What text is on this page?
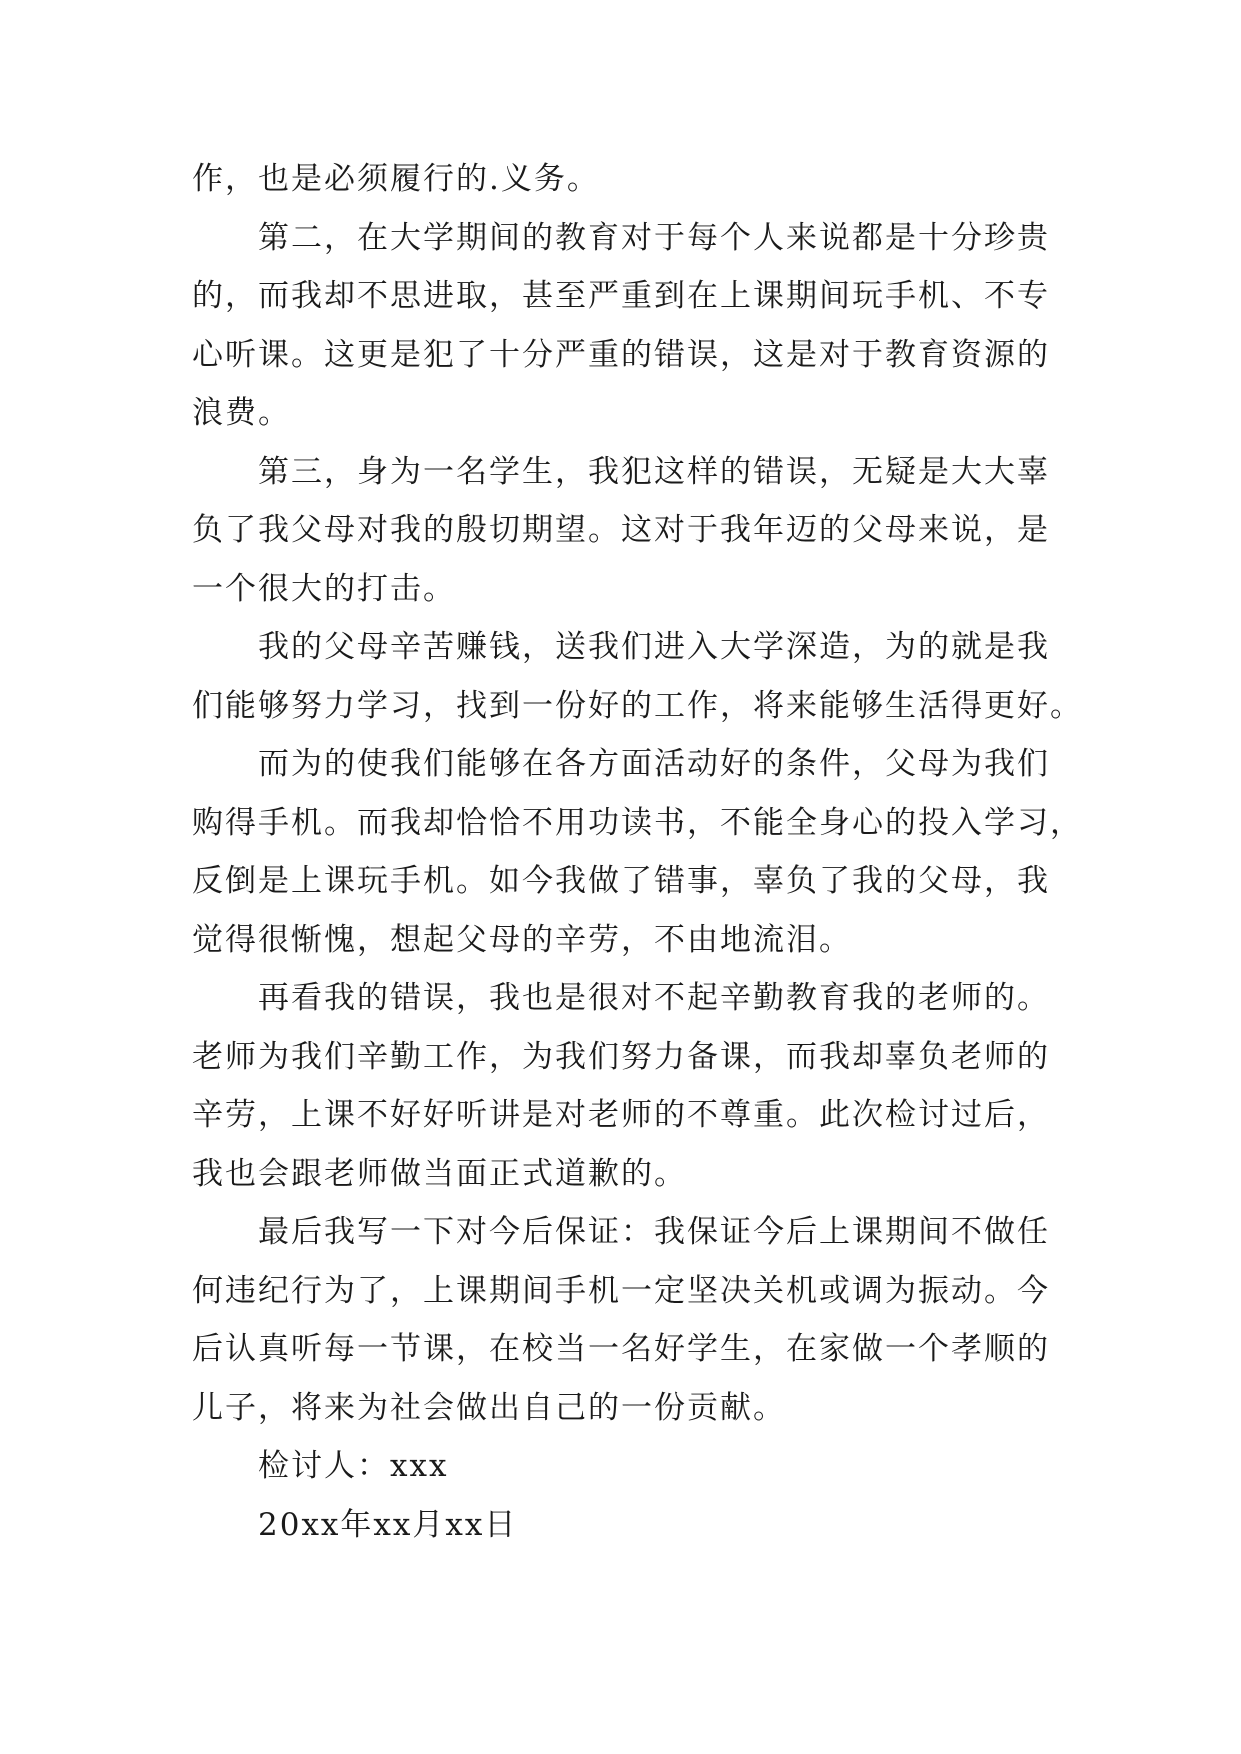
作，也是必须履行的.义务。
第二，在大学期间的教育对于每个人来说都是十分珍贵
的，而我却不思进取，甚至严重到在上课期间玩手机、不专
心听课。这更是犯了十分严重的错误，这是对于教育资源的
浪费。
第三，身为一名学生，我犯这样的错误，无疑是大大辜
负了我父母对我的殷切期望。这对于我年迈的父母来说，是
一个很大的打击。
我的父母辛苦赚钱，送我们进入大学深造，为的就是我
们能够努力学习，找到一份好的工作，将来能够生活得更好。
而为的使我们能够在各方面活动好的条件，父母为我们
购得手机。而我却恰恰不用功读书，不能全身心的投入学习，
反倒是上课玩手机。如今我做了错事，辜负了我的父母，我
觉得很惭愧，想起父母的辛劳，不由地流泪。
再看我的错误，我也是很对不起辛勤教育我的老师的。
老师为我们辛勤工作，为我们努力备课，而我却辜负老师的
辛劳，上课不好好听讲是对老师的不尊重。此次检讨过后，
我也会跟老师做当面正式道歉的。
最后我写一下对今后保证：我保证今后上课期间不做任
何违纪行为了，上课期间手机一定坚决关机或调为振动。今
后认真听每一节课，在校当一名好学生，在家做一个孝顺的
儿子，将来为社会做出自己的一份贡献。
检讨人：xxx
20xx年xx月xx日
